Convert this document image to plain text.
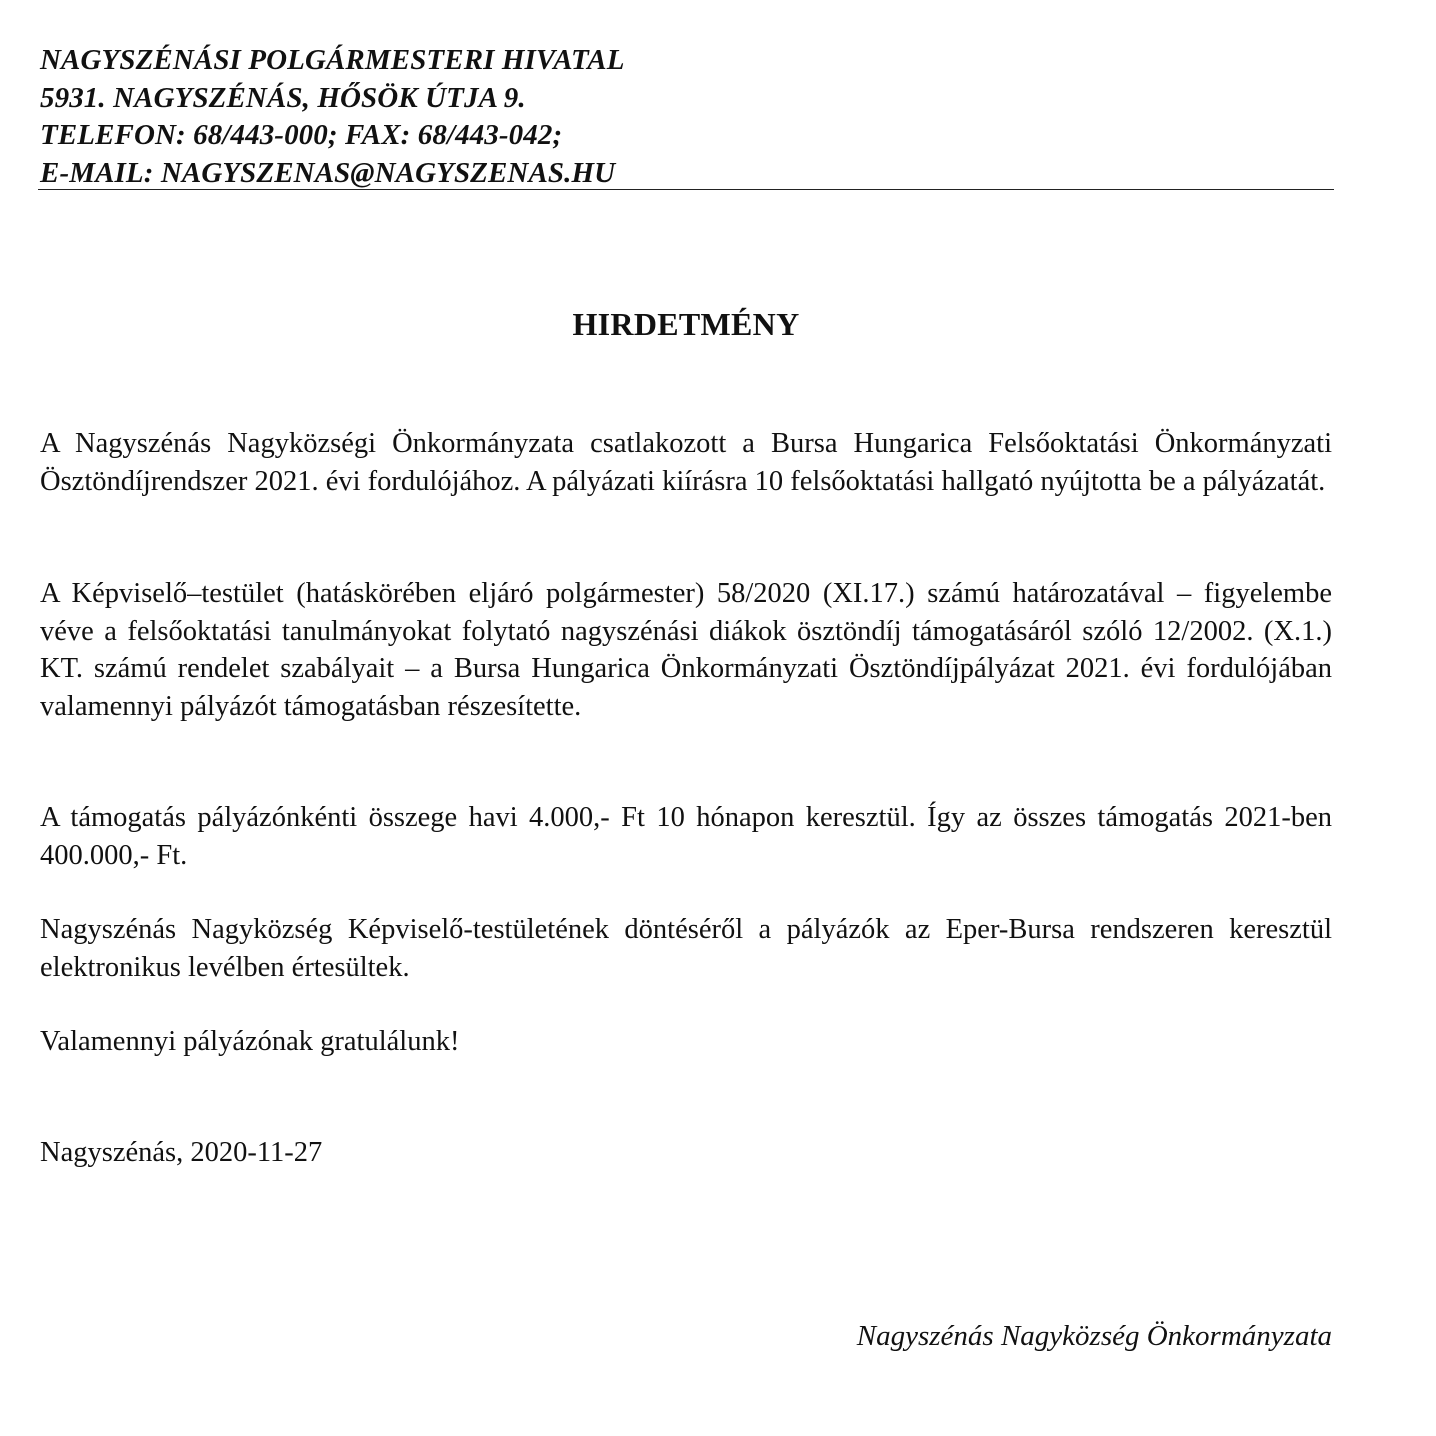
NAGYSZÉNÁSI POLGÁRMESTERI HIVATAL
5931. NAGYSZÉNÁS, HŐSÖK ÚTJA 9.
TELEFON: 68/443-000; FAX: 68/443-042;
E-MAIL: NAGYSZENAS@NAGYSZENAS.HU
HIRDETMÉNY
A Nagyszénás Nagyközségi Önkormányzata csatlakozott a Bursa Hungarica Felsőoktatási Önkormányzati Ösztöndíjrendszer 2021. évi fordulójához. A pályázati kiírásra 10 felsőoktatási hallgató nyújtotta be a pályázatát.
A Képviselő–testület (hatáskörében eljáró polgármester) 58/2020 (XI.17.) számú határozatával – figyelembe véve a felsőoktatási tanulmányokat folytató nagyszénási diákok ösztöndíj támogatásáról szóló 12/2002. (X.1.) KT. számú rendelet szabályait – a Bursa Hungarica Önkormányzati Ösztöndíjpályázat 2021. évi fordulójában valamennyi pályázót támogatásban részesítette.
A támogatás pályázónkénti összege havi 4.000,- Ft 10 hónapon keresztül. Így az összes támogatás 2021-ben 400.000,- Ft.
Nagyszénás Nagyközség Képviselő-testületének döntéséről a pályázók az Eper-Bursa rendszeren keresztül elektronikus levélben értesültek.
Valamennyi pályázónak gratulálunk!
Nagyszénás, 2020-11-27
Nagyszénás Nagyközség Önkormányzata
